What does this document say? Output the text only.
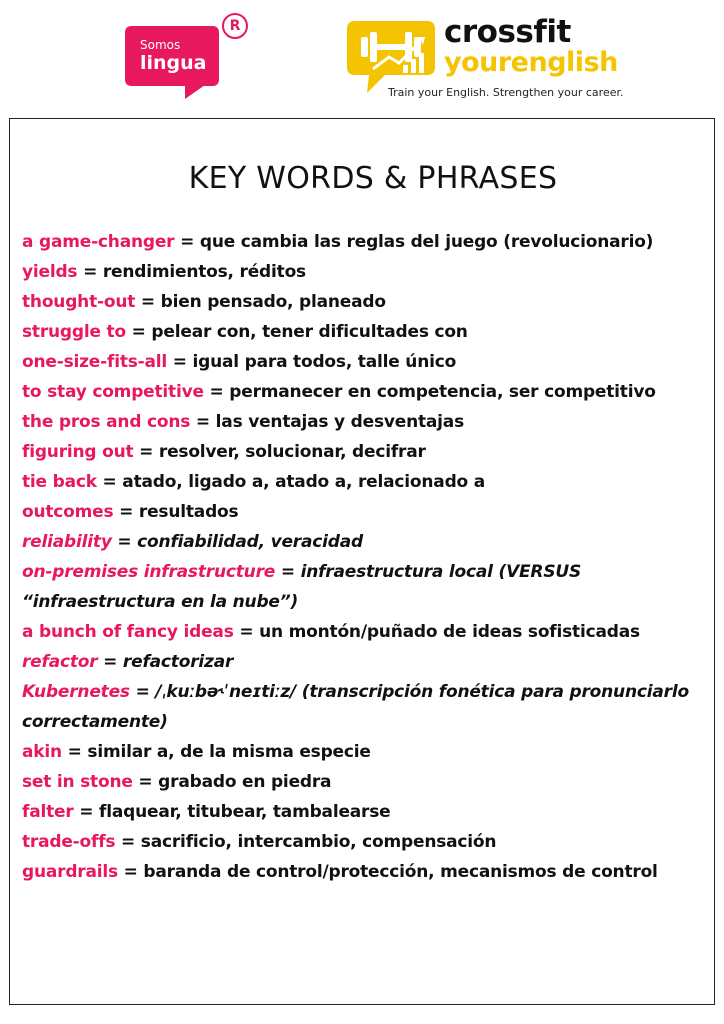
Somos
lingua
R	crossfit
yourenglish
Train your English. Strengthen your career.
KEY WORDS & PHRASES
a game-changer = que cambia las reglas del juego (revolucionario)
yields = rendimientos, réditos
thought-out = bien pensado, planeado
struggle to = pelear con, tener dificultades con
one-size-fits-all = igual para todos, talle único
to stay competitive = permanecer en competencia, ser competitivo
the pros and cons = las ventajas y desventajas
figuring out = resolver, solucionar, decifrar
tie back = atado, ligado a, atado a, relacionado a
outcomes = resultados
reliability = confiabilidad, veracidad
on-premises infrastructure = infraestructura local (VERSUS “infraestructura en la nube”)
a bunch of fancy ideas = un montón/puñado de ideas sofisticadas
refactor = refactorizar
Kubernetes = /ˌkuːbə˞ˈneɪtiːz/ (transcripción fonética para pronunciarlo correctamente)
akin = similar a, de la misma especie
set in stone = grabado en piedra
falter = flaquear, titubear, tambalearse
trade-offs = sacrificio, intercambio, compensación
guardrails = baranda de control/protección, mecanismos de control
